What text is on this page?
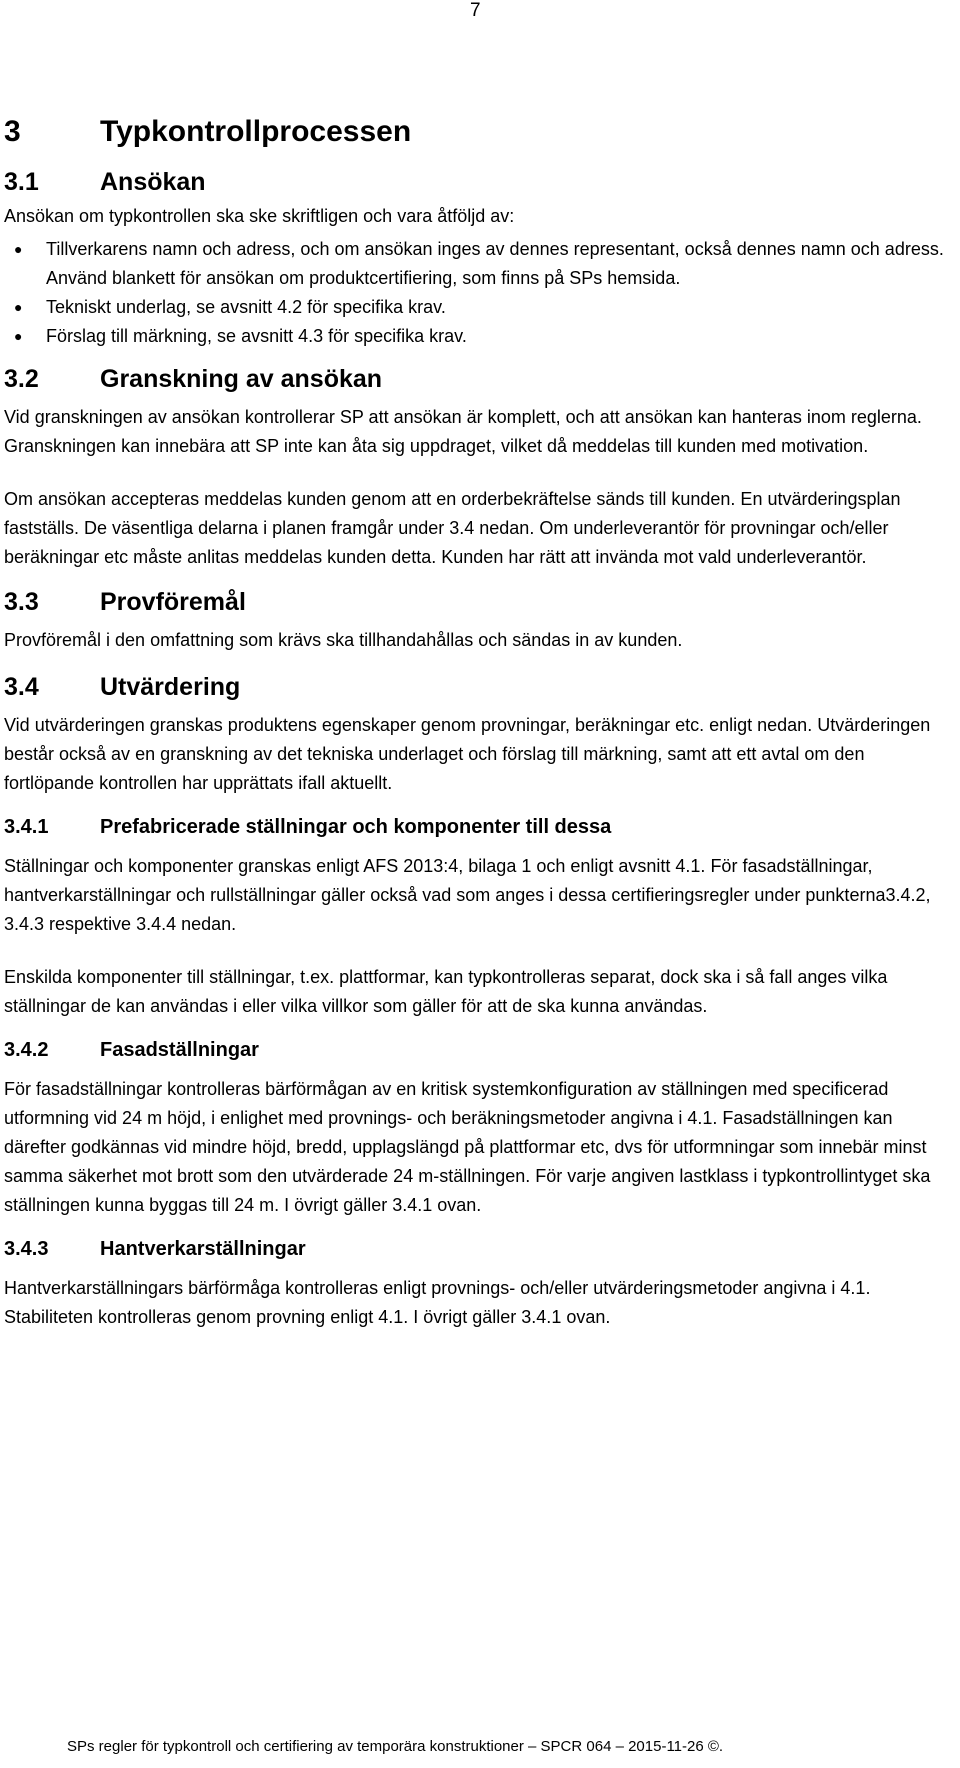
7
3	Typkontrollprocessen
3.1 Ansökan

Ansökan om typkontrollen ska ske skriftligen och vara åtföljd av:

● Tillverkarens namn och adress, och om ansökan inges av dennes representant, också dennes namn och adress. Använd blankett för ansökan om produktcertifiering, som finns på SPs hemsida.
● Tekniskt underlag, se avsnitt 4.2 för specifika krav.
● Förslag till märkning, se avsnitt 4.3 för specifika krav.
3.2 Granskning av ansökan

Vid granskningen av ansökan kontrollerar SP att ansökan är komplett, och att ansökan kan hanteras inom reglerna. Granskningen kan innebära att SP inte kan åta sig uppdraget, vilket då meddelas till kunden med motivation.

Om ansökan accepteras meddelas kunden genom att en orderbekräftelse sänds till kunden. En utvärderingsplan fastställs. De väsentliga delarna i planen framgår under 3.4 nedan. Om underleverantör för provningar och/eller beräkningar etc måste anlitas meddelas kunden detta. Kunden har rätt att invända mot vald underleverantör.

3.3 Provföremål

Provföremål i den omfattning som krävs ska tillhandahållas och sändas in av kunden.

3.4 Utvärdering

Vid utvärderingen granskas produktens egenskaper genom provningar, beräkningar etc. enligt nedan. Utvärderingen består också av en granskning av det tekniska underlaget och förslag till märkning, samt att ett avtal om den fortlöpande kontrollen har upprättats ifall aktuellt.

3.4.1	Prefabricerade ställningar och komponenter till dessa

Ställningar och komponenter granskas enligt AFS 2013:4, bilaga 1 och enligt avsnitt 4.1. För fasadställningar, hantverkarställningar och rullställningar gäller också vad som anges i dessa certifieringsregler under punkterna3.4.2, 3.4.3 respektive 3.4.4 nedan.

Enskilda komponenter till ställningar, t.ex. plattformar, kan typkontrolleras separat, dock ska i så fall anges vilka ställningar de kan användas i eller vilka villkor som gäller för att de ska kunna användas.

3.4.2	Fasadställningar

För fasadställningar kontrolleras bärförmågan av en kritisk systemkonfiguration av ställningen med specificerad utformning vid 24 m höjd, i enlighet med provnings- och beräkningsmetoder angivna i 4.1. Fasadställningen kan därefter godkännas vid mindre höjd, bredd, upplagslängd på plattformar etc, dvs för utformningar som innebär minst samma säkerhet mot brott som den utvärderade 24 m-ställningen. För varje angiven lastklass i typkontrollintyget ska ställningen kunna byggas till 24 m. I övrigt gäller 3.4.1 ovan.

3.4.3	Hantverkarställningar

Hantverkarställningars bärförmåga kontrolleras enligt provnings- och/eller utvärderingsmetoder angivna i 4.1. Stabiliteten kontrolleras genom provning enligt 4.1. I övrigt gäller 3.4.1 ovan.

SPs regler för typkontroll och certifiering av temporära konstruktioner – SPCR 064 – 2015-11-26 ©.
